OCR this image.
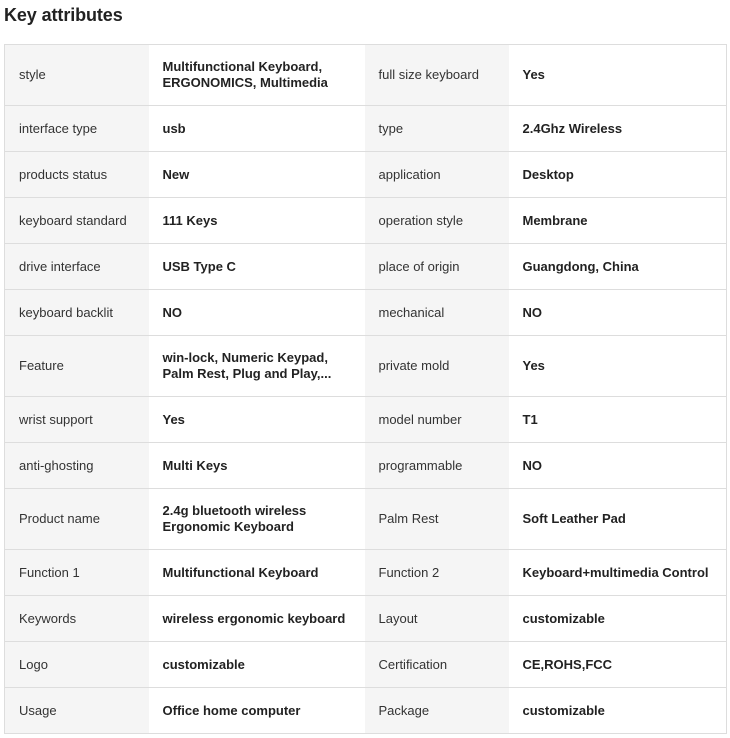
Key attributes
style	Multifunctional Keyboard, ERGONOMICS, Multimedia	full size keyboard	Yes
interface type	usb	type	2.4Ghz Wireless
products status	New	application	Desktop
keyboard standard	111 Keys	operation style	Membrane
drive interface	USB Type C	place of origin	Guangdong, China
keyboard backlit	NO	mechanical	NO
Feature	win-lock, Numeric Keypad, Palm Rest, Plug and Play,...	private mold	Yes
wrist support	Yes	model number	T1
anti-ghosting	Multi Keys	programmable	NO
Product name	2.4g bluetooth wireless Ergonomic Keyboard	Palm Rest	Soft Leather Pad
Function 1	Multifunctional Keyboard	Function 2	Keyboard+multimedia Control
Keywords	wireless ergonomic keyboard	Layout	customizable
Logo	customizable	Certification	CE,ROHS,FCC
Usage	Office home computer	Package	customizable
